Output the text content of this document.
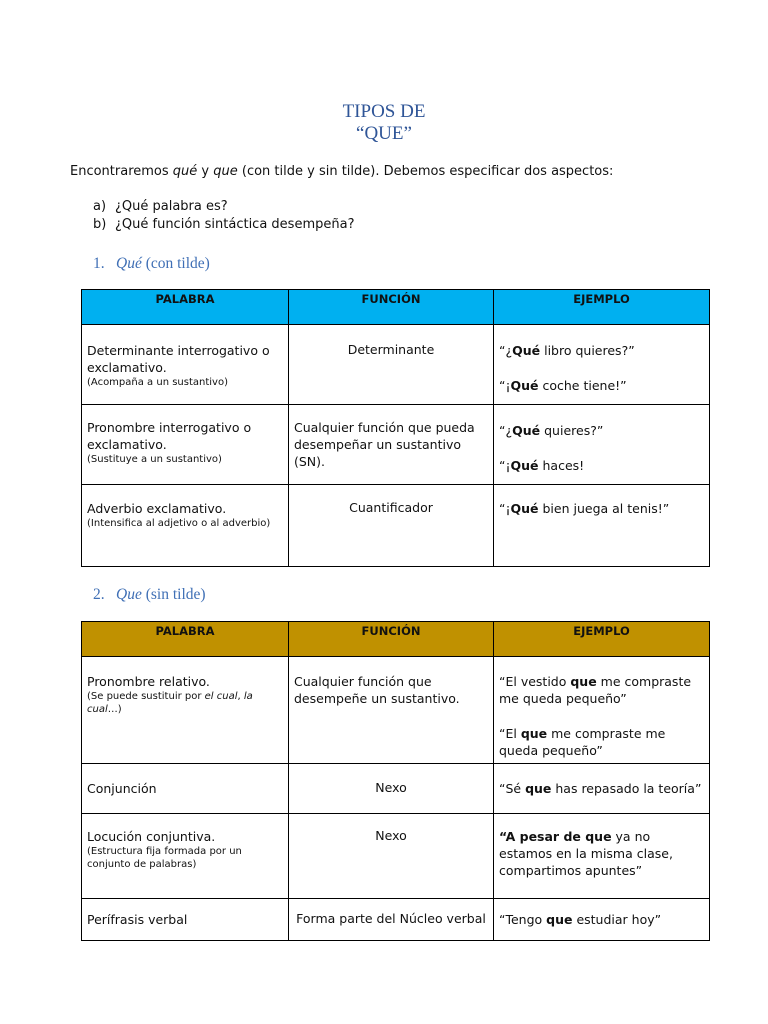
TIPOS DE
“QUE”
Encontraremos qué y que (con tilde y sin tilde). Debemos especificar dos aspectos:
a) ¿Qué palabra es?
b) ¿Qué función sintáctica desempeña?
1. Qué (con tilde)
PALABRA	FUNCIÓN	EJEMPLO

Determinante interrogativo o exclamativo.
(Acompaña a un sustantivo)	Determinante	“¿Qué libro quieres?”
“¡Qué coche tiene!”

Pronombre interrogativo o exclamativo.
(Sustituye a un sustantivo)	Cualquier función que pueda desempeñar un sustantivo (SN).	“¿Qué quieres?”
“¡Qué haces!

Adverbio exclamativo.
(Intensifica al adjetivo o al adverbio)	Cuantificador	“¡Qué bien juega al tenis!”
2. Que (sin tilde)
PALABRA	FUNCIÓN	EJEMPLO

Pronombre relativo.
(Se puede sustituir por el cual, la cual…)	Cualquier función que desempeñe un sustantivo.	“El vestido que me compraste me queda pequeño”
“El que me compraste me queda pequeño”

Conjunción	Nexo	“Sé que has repasado la teoría”

Locución conjuntiva.
(Estructura fija formada por un conjunto de palabras)	Nexo	“A pesar de que ya no estamos en la misma clase, compartimos apuntes”

Perífrasis verbal	Forma parte del Núcleo verbal	“Tengo que estudiar hoy”
